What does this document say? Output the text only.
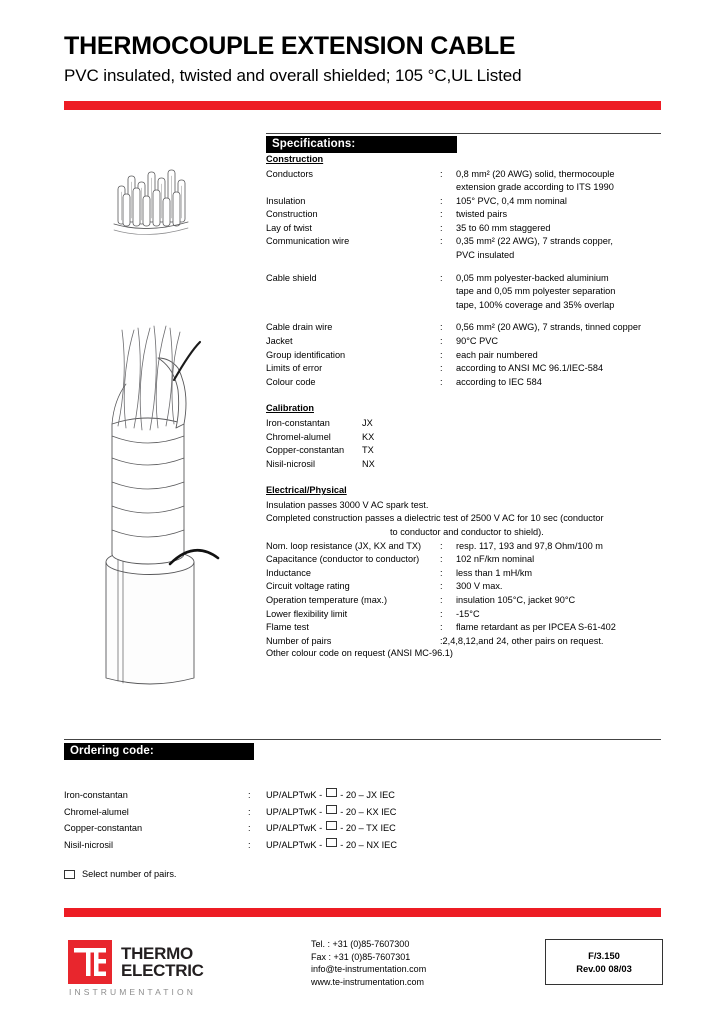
THERMOCOUPLE EXTENSION CABLE
PVC insulated, twisted and overall shielded; 105 °C,UL Listed
Specifications:
Construction
Conductors	:	0,8 mm² (20 AWG) solid, thermocouple
extension grade according to ITS 1990
Insulation	:	105° PVC, 0,4 mm nominal
Construction	:	twisted pairs
Lay of twist	:	35 to 60 mm staggered
Communication wire	:	0,35 mm² (22 AWG), 7 strands copper,
PVC insulated
Cable shield	:	0,05 mm polyester-backed aluminium
tape and 0,05 mm polyester separation
tape, 100% coverage and 35% overlap
Cable drain wire	:	0,56 mm² (20 AWG), 7 strands, tinned copper
Jacket	:	90°C PVC
Group identification	:	each pair numbered
Limits of error	:	according to ANSI MC 96.1/IEC-584
Colour code	:	according to IEC 584
Calibration
Iron-constantan	JX
Chromel-alumel	KX
Copper-constantan	TX
Nisil-nicrosil	NX
Electrical/Physical
Insulation passes 3000 V AC spark test.
Completed construction passes a dielectric test of 2500 V AC for 10 sec (conductor
to conductor and conductor to shield).
Nom. loop resistance (JX, KX and TX)	:	resp. 117, 193 and 97,8 Ohm/100 m
Capacitance (conductor to conductor)	:	102 nF/km nominal
Inductance	:	less than 1 mH/km
Circuit voltage rating	:	300 V max.
Operation temperature (max.)	:	insulation 105°C, jacket 90°C
Lower flexibility limit	:	-15°C
Flame test	:	flame retardant as per IPCEA S-61-402
Number of pairs	:2,4,8,12,and 24, other pairs on request.
Other colour code on request (ANSI MC-96.1)
Ordering code:
Iron-constantan	:	UP/ALPTwK -  - 20 – JX IEC
Chromel-alumel	:	UP/ALPTwK -  - 20 – KX IEC
Copper-constantan	:	UP/ALPTwK -  - 20 – TX IEC
Nisil-nicrosil	:	UP/ALPTwK -  - 20 – NX IEC
Select number of pairs.
THERMO
ELECTRIC
INSTRUMENTATION
Tel. : +31 (0)85-7607300
Fax : +31 (0)85-7607301
info@te-instrumentation.com
www.te-instrumentation.com
F/3.150
Rev.00 08/03
